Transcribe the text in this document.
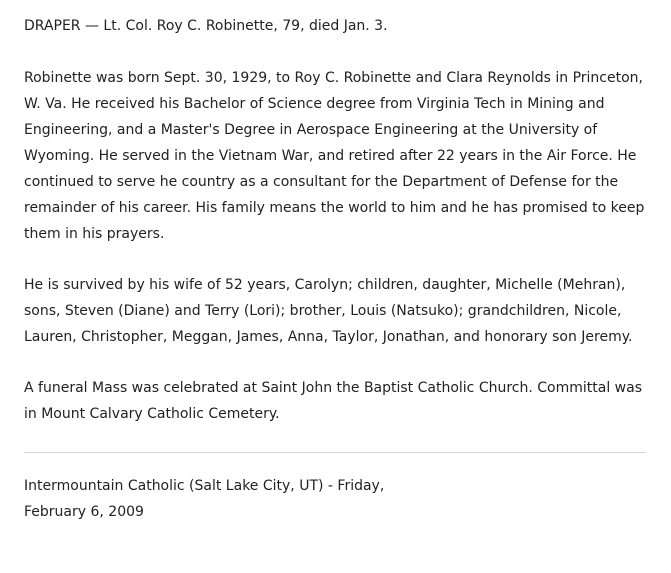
DRAPER — Lt. Col. Roy C. Robinette, 79, died Jan. 3.

Robinette was born Sept. 30, 1929, to Roy C. Robinette and Clara Reynolds in Princeton, W. Va. He received his Bachelor of Science degree from Virginia Tech in Mining and Engineering, and a Master's Degree in Aerospace Engineering at the University of Wyoming. He served in the Vietnam War, and retired after 22 years in the Air Force. He continued to serve he country as a consultant for the Department of Defense for the remainder of his career. His family means the world to him and he has promised to keep them in his prayers.

He is survived by his wife of 52 years, Carolyn; children, daughter, Michelle (Mehran), sons, Steven (Diane) and Terry (Lori); brother, Louis (Natsuko); grandchildren, Nicole, Lauren, Christopher, Meggan, James, Anna, Taylor, Jonathan, and honorary son Jeremy.

A funeral Mass was celebrated at Saint John the Baptist Catholic Church. Committal was in Mount Calvary Catholic Cemetery.

Intermountain Catholic (Salt Lake City, UT) - Friday,
February 6, 2009
